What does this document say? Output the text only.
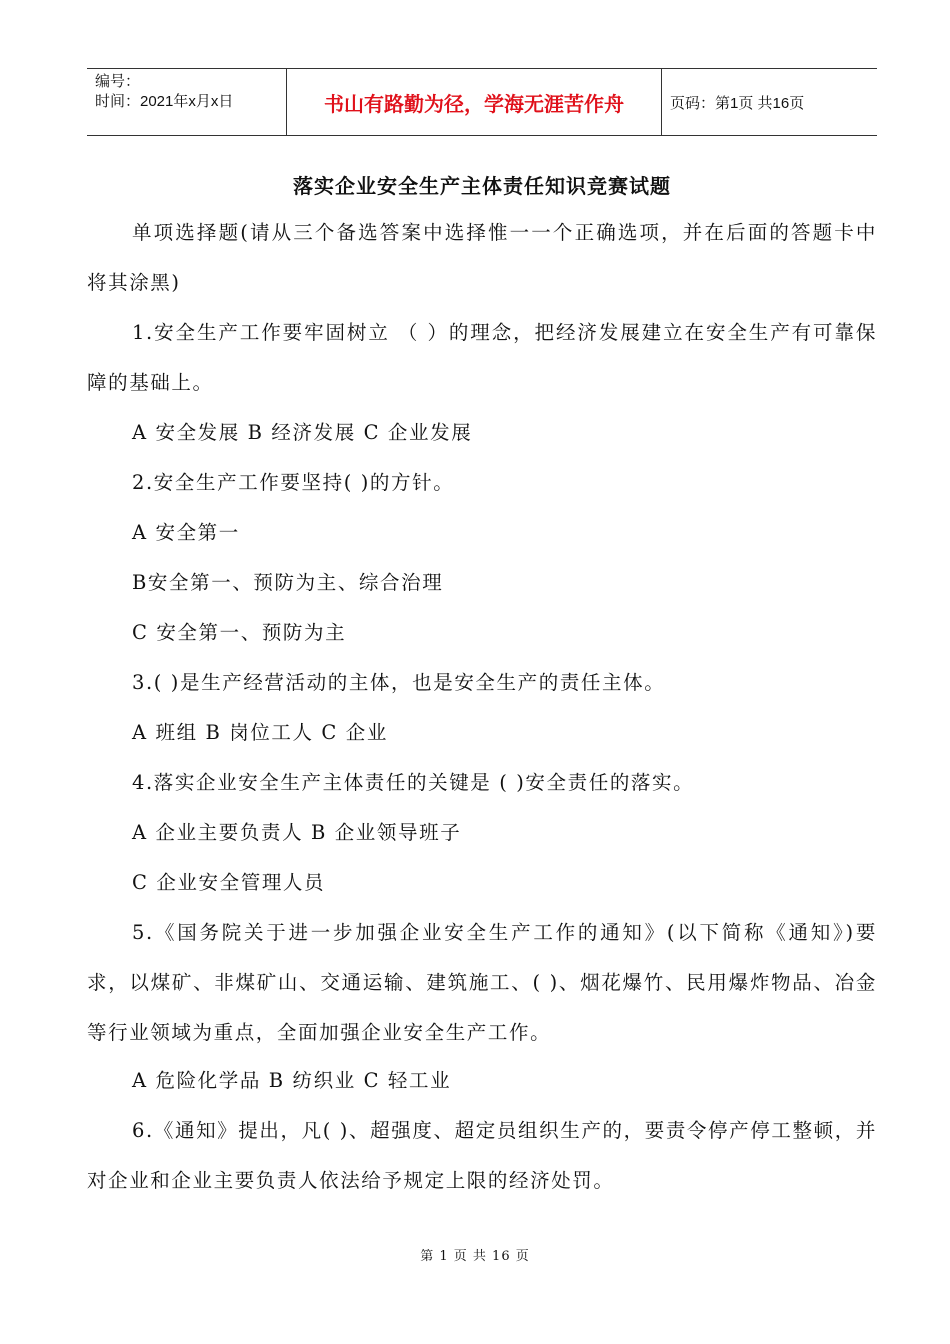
编号：
时间：2021年x月x日	书山有路勤为径，学海无涯苦作舟	页码：第1页 共16页
落实企业安全生产主体责任知识竞赛试题
单项选择题(请从三个备选答案中选择惟一一个正确选项，并在后面的答题卡中将其涂黑)
1.安全生产工作要牢固树立 （ ）的理念，把经济发展建立在安全生产有可靠保障的基础上。
A 安全发展 B 经济发展 C 企业发展
2.安全生产工作要坚持( )的方针。
A 安全第一
B安全第一、预防为主、综合治理
C 安全第一、预防为主
3.( )是生产经营活动的主体，也是安全生产的责任主体。
A 班组 B 岗位工人 C 企业
4.落实企业安全生产主体责任的关键是 ( )安全责任的落实。
A 企业主要负责人 B 企业领导班子
C 企业安全管理人员
5.《国务院关于进一步加强企业安全生产工作的通知》(以下简称《通知》)要求，以煤矿、非煤矿山、交通运输、建筑施工、( )、烟花爆竹、民用爆炸物品、冶金等行业领域为重点，全面加强企业安全生产工作。
A 危险化学品 B 纺织业 C 轻工业
6.《通知》提出，凡( )、超强度、超定员组织生产的，要责令停产停工整顿，并对企业和企业主要负责人依法给予规定上限的经济处罚。
第 1 页 共 16 页
